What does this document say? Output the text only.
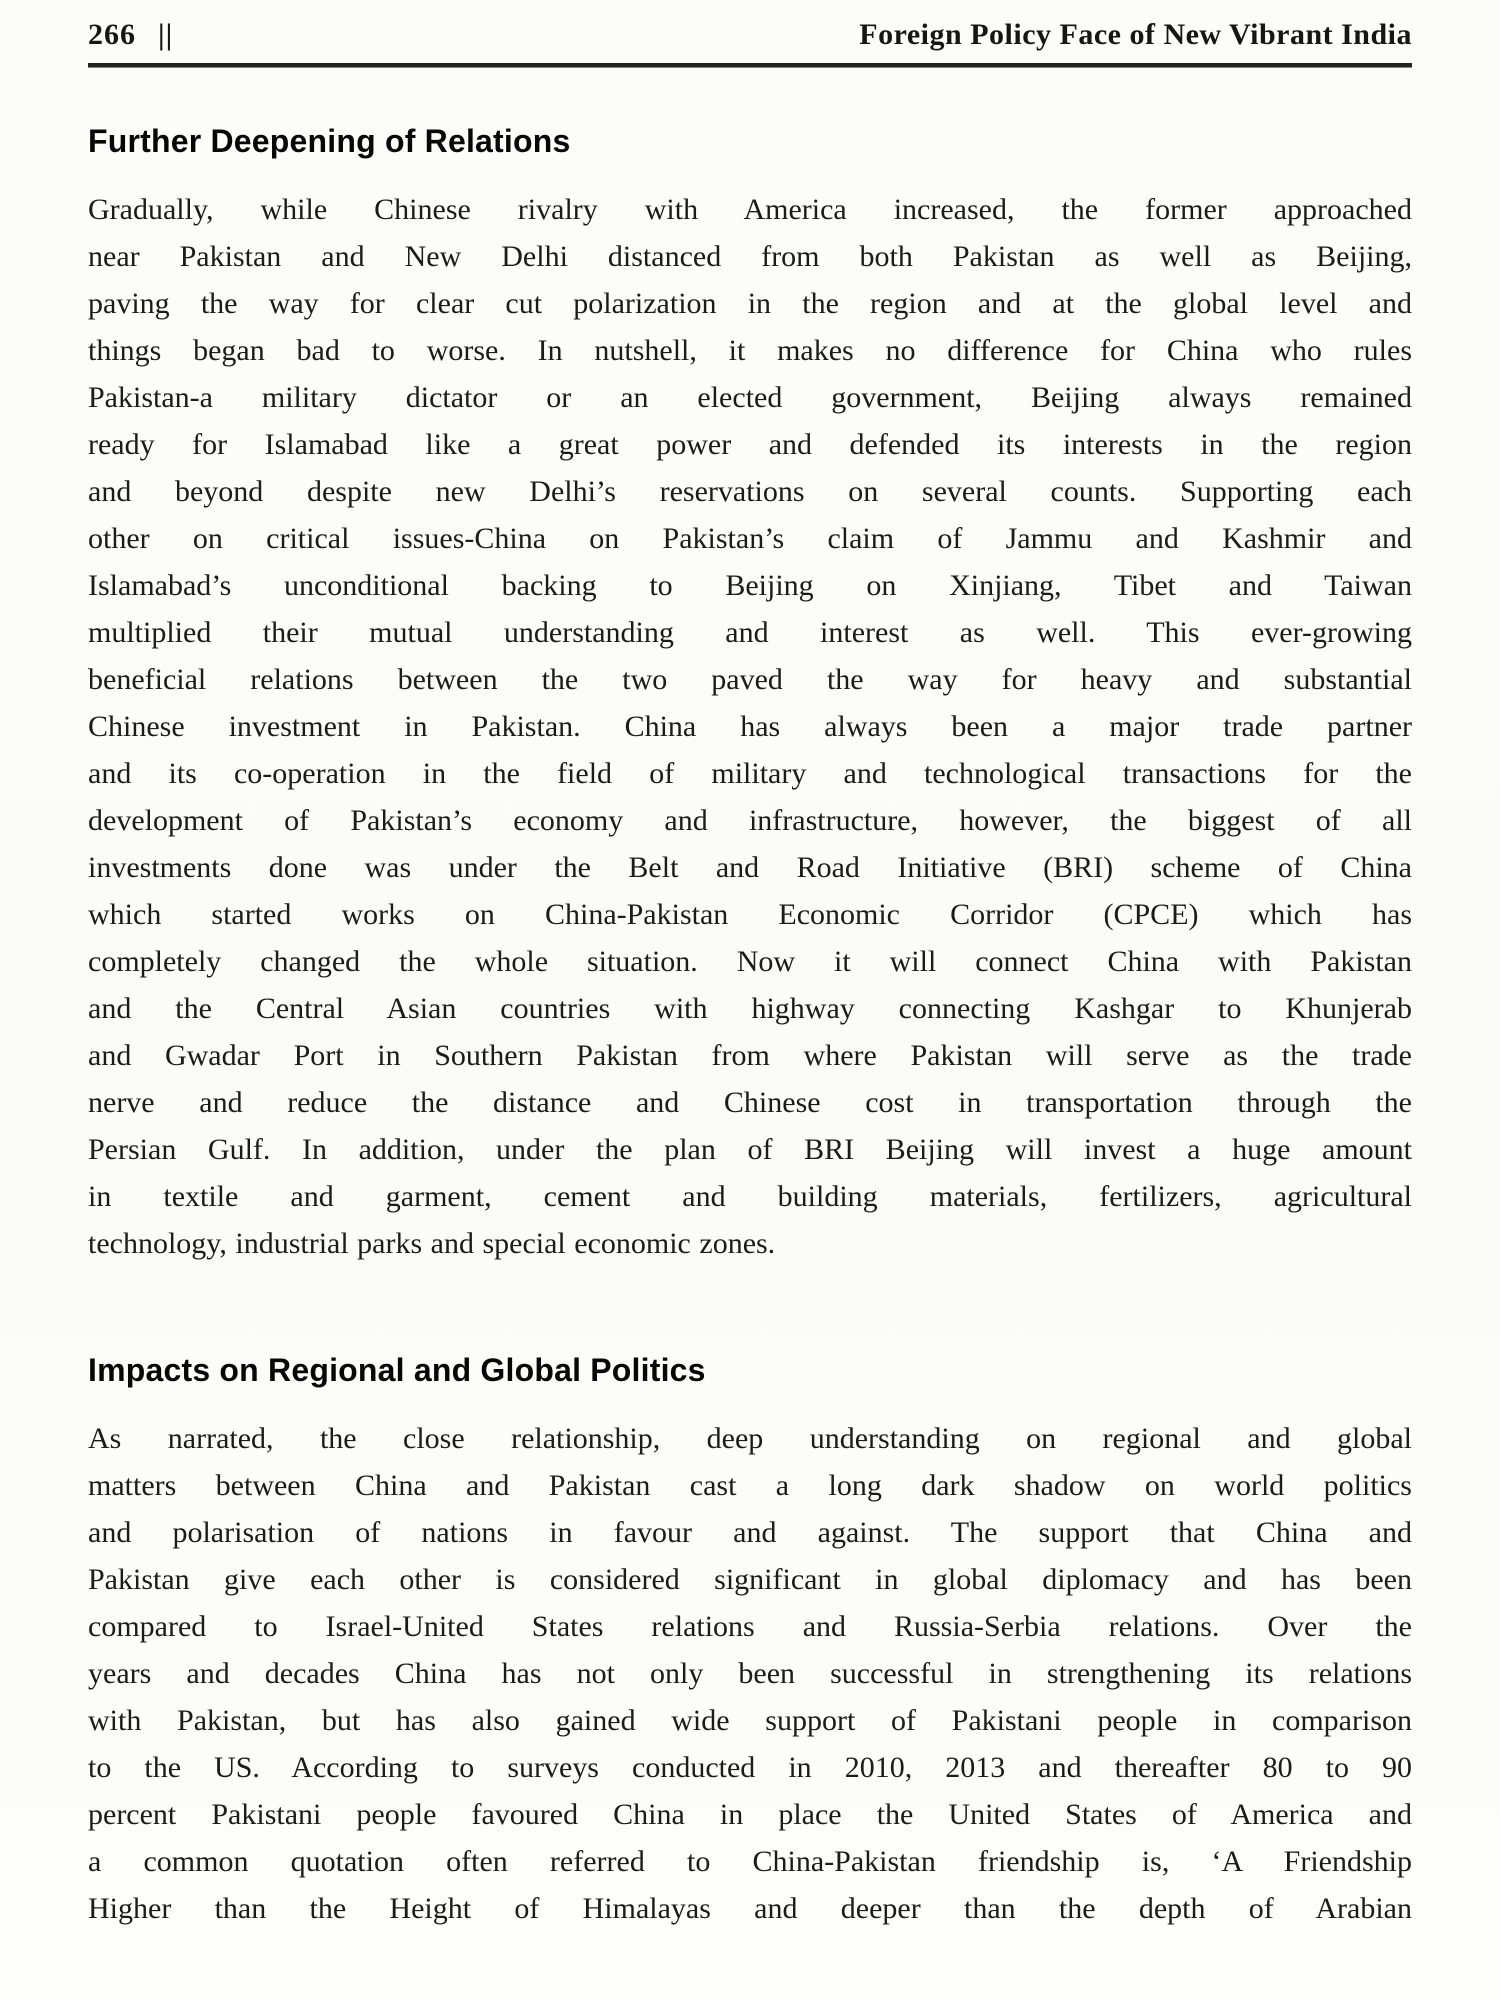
266 ||	Foreign Policy Face of New Vibrant India
Further Deepening of Relations
Gradually, while Chinese rivalry with America increased, the former approached
near Pakistan and New Delhi distanced from both Pakistan as well as Beijing,
paving the way for clear cut polarization in the region and at the global level and
things began bad to worse. In nutshell, it makes no difference for China who rules
Pakistan-a military dictator or an elected government, Beijing always remained
ready for Islamabad like a great power and defended its interests in the region
and beyond despite new Delhi’s reservations on several counts. Supporting each
other on critical issues-China on Pakistan’s claim of Jammu and Kashmir and
Islamabad’s unconditional backing to Beijing on Xinjiang, Tibet and Taiwan
multiplied their mutual understanding and interest as well. This ever-growing
beneficial relations between the two paved the way for heavy and substantial
Chinese investment in Pakistan. China has always been a major trade partner
and its co-operation in the field of military and technological transactions for the
development of Pakistan’s economy and infrastructure, however, the biggest of all
investments done was under the Belt and Road Initiative (BRI) scheme of China
which started works on China-Pakistan Economic Corridor (CPCE) which has
completely changed the whole situation. Now it will connect China with Pakistan
and the Central Asian countries with highway connecting Kashgar to Khunjerab
and Gwadar Port in Southern Pakistan from where Pakistan will serve as the trade
nerve and reduce the distance and Chinese cost in transportation through the
Persian Gulf. In addition, under the plan of BRI Beijing will invest a huge amount
in textile and garment, cement and building materials, fertilizers, agricultural
technology, industrial parks and special economic zones.
Impacts on Regional and Global Politics
As narrated, the close relationship, deep understanding on regional and global
matters between China and Pakistan cast a long dark shadow on world politics
and polarisation of nations in favour and against. The support that China and
Pakistan give each other is considered significant in global diplomacy and has been
compared to Israel-United States relations and Russia-Serbia relations. Over the
years and decades China has not only been successful in strengthening its relations
with Pakistan, but has also gained wide support of Pakistani people in comparison
to the US. According to surveys conducted in 2010, 2013 and thereafter 80 to 90
percent Pakistani people favoured China in place the United States of America and
a common quotation often referred to China-Pakistan friendship is, ‘A Friendship
Higher than the Height of Himalayas and deeper than the depth of Arabian
